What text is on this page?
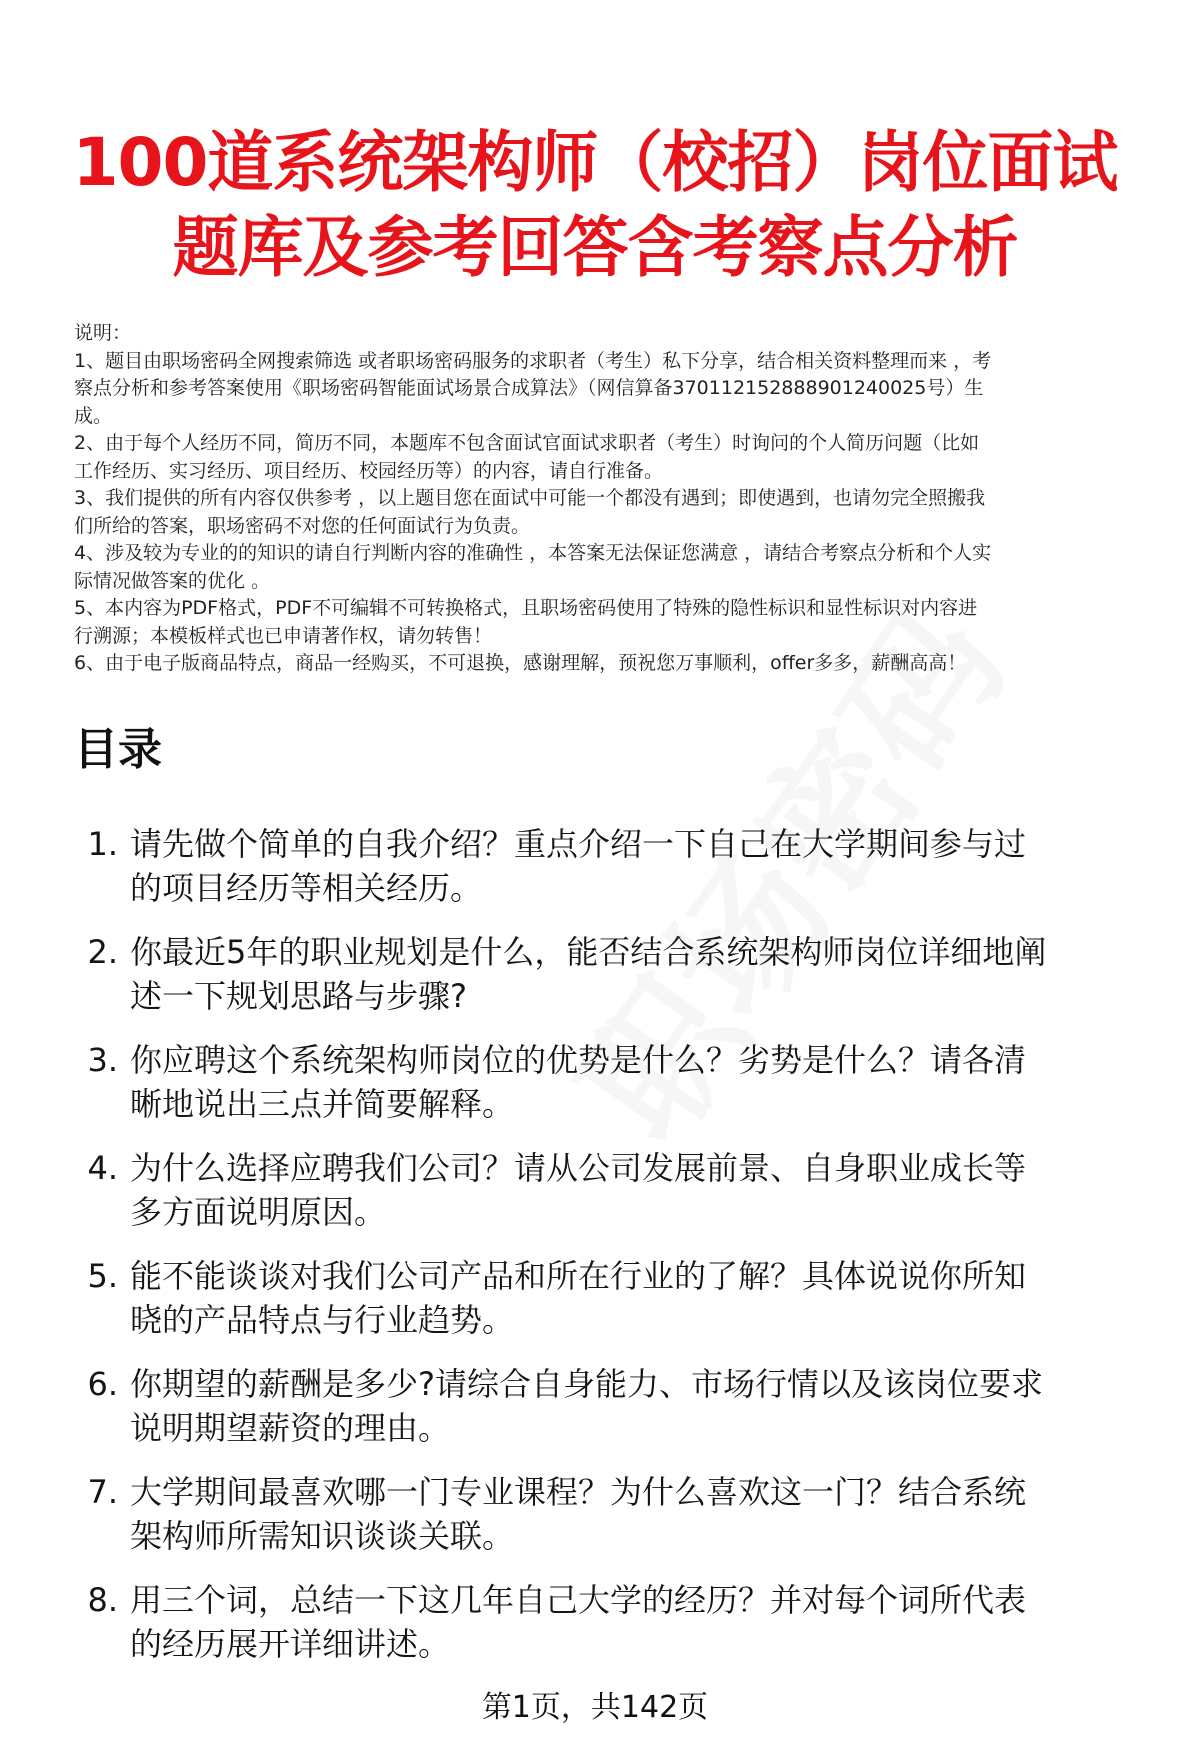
100道系统架构师（校招）岗位面试
题库及参考回答含考察点分析
说明：
1、题目由职场密码全网搜索筛选 或者职场密码服务的求职者（考生）私下分享，结合相关资料整理而来 ，考
察点分析和参考答案使用《职场密码智能面试场景合成算法》（网信算备370112152888901240025号）生
成。
2、由于每个人经历不同，简历不同，本题库不包含面试官面试求职者（考生）时询问的个人简历问题（比如
工作经历、实习经历、项目经历、校园经历等）的内容，请自行准备。
3、我们提供的所有内容仅供参考 ，以上题目您在面试中可能一个都没有遇到；即使遇到，也请勿完全照搬我
们所给的答案，职场密码不对您的任何面试行为负责。
4、涉及较为专业的的知识的请自行判断内容的准确性 ，本答案无法保证您满意 ，请结合考察点分析和个人实
际情况做答案的优化 。
5、本内容为PDF格式，PDF不可编辑不可转换格式，且职场密码使用了特殊的隐性标识和显性标识对内容进
行溯源；本模板样式也已申请著作权，请勿转售！
6、由于电子版商品特点，商品一经购买，不可退换，感谢理解，预祝您万事顺利，offer多多，薪酬高高！
目录
1. 请先做个简单的自我介绍？重点介绍一下自己在大学期间参与过
的项目经历等相关经历。
2. 你最近5年的职业规划是什么，能否结合系统架构师岗位详细地阐
述一下规划思路与步骤?
3. 你应聘这个系统架构师岗位的优势是什么？劣势是什么？请各清
晰地说出三点并简要解释。
4. 为什么选择应聘我们公司？请从公司发展前景、自身职业成长等
多方面说明原因。
5. 能不能谈谈对我们公司产品和所在行业的了解？具体说说你所知
晓的产品特点与行业趋势。
6. 你期望的薪酬是多少?请综合自身能力、市场行情以及该岗位要求
说明期望薪资的理由。
7. 大学期间最喜欢哪一门专业课程？为什么喜欢这一门？结合系统
架构师所需知识谈谈关联。
8. 用三个词，总结一下这几年自己大学的经历？并对每个词所代表
的经历展开详细讲述。
第1页，共142页
